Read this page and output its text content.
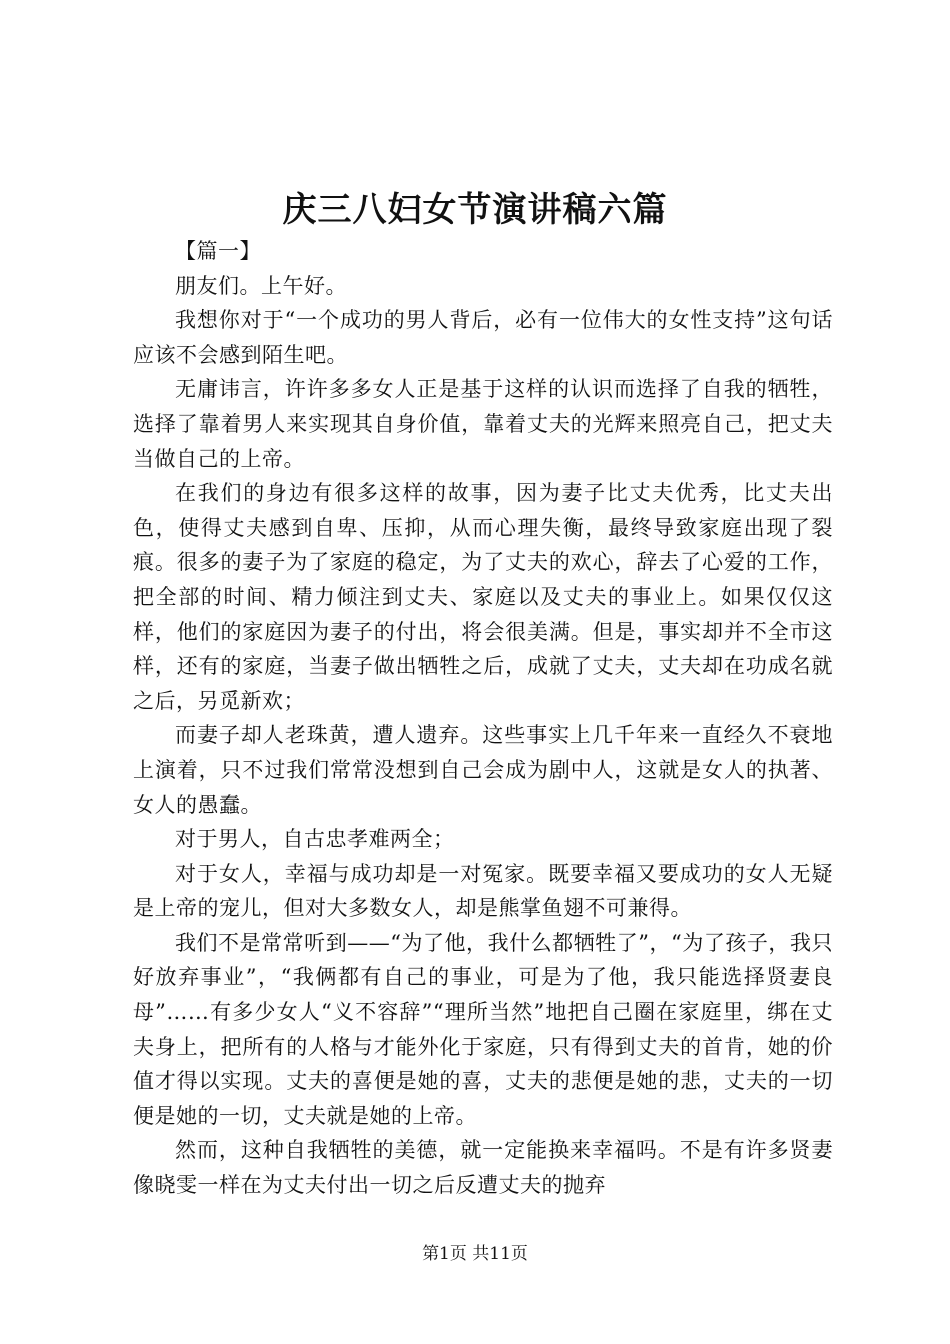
庆三八妇女节演讲稿六篇

【篇一】

朋友们。上午好。

我想你对于“一个成功的男人背后，必有一位伟大的女性支持”这句话应该不会感到陌生吧。

无庸讳言，许许多多女人正是基于这样的认识而选择了自我的牺牲，选择了靠着男人来实现其自身价值，靠着丈夫的光辉来照亮自己，把丈夫当做自己的上帝。

在我们的身边有很多这样的故事，因为妻子比丈夫优秀，比丈夫出色，使得丈夫感到自卑、压抑，从而心理失衡，最终导致家庭出现了裂痕。很多的妻子为了家庭的稳定，为了丈夫的欢心，辞去了心爱的工作，把全部的时间、精力倾注到丈夫、家庭以及丈夫的事业上。如果仅仅这样，他们的家庭因为妻子的付出，将会很美满。但是，事实却并不全市这样，还有的家庭，当妻子做出牺牲之后，成就了丈夫，丈夫却在功成名就之后，另觅新欢；

而妻子却人老珠黄，遭人遗弃。这些事实上几千年来一直经久不衰地上演着，只不过我们常常没想到自己会成为剧中人，这就是女人的执著、女人的愚蠢。

对于男人，自古忠孝难两全；

对于女人，幸福与成功却是一对冤家。既要幸福又要成功的女人无疑是上帝的宠儿，但对大多数女人，却是熊掌鱼翅不可兼得。

我们不是常常听到——“为了他，我什么都牺牲了”，“为了孩子，我只好放弃事业”，“我俩都有自己的事业，可是为了他，我只能选择贤妻良母”……有多少女人“义不容辞”“理所当然”地把自己圈在家庭里，绑在丈夫身上，把所有的人格与才能外化于家庭，只有得到丈夫的首肯，她的价值才得以实现。丈夫的喜便是她的喜，丈夫的悲便是她的悲，丈夫的一切便是她的一切，丈夫就是她的上帝。

然而，这种自我牺牲的美德，就一定能换来幸福吗。不是有许多贤妻像晓雯一样在为丈夫付出一切之后反遭丈夫的抛弃

第1页 共11页
